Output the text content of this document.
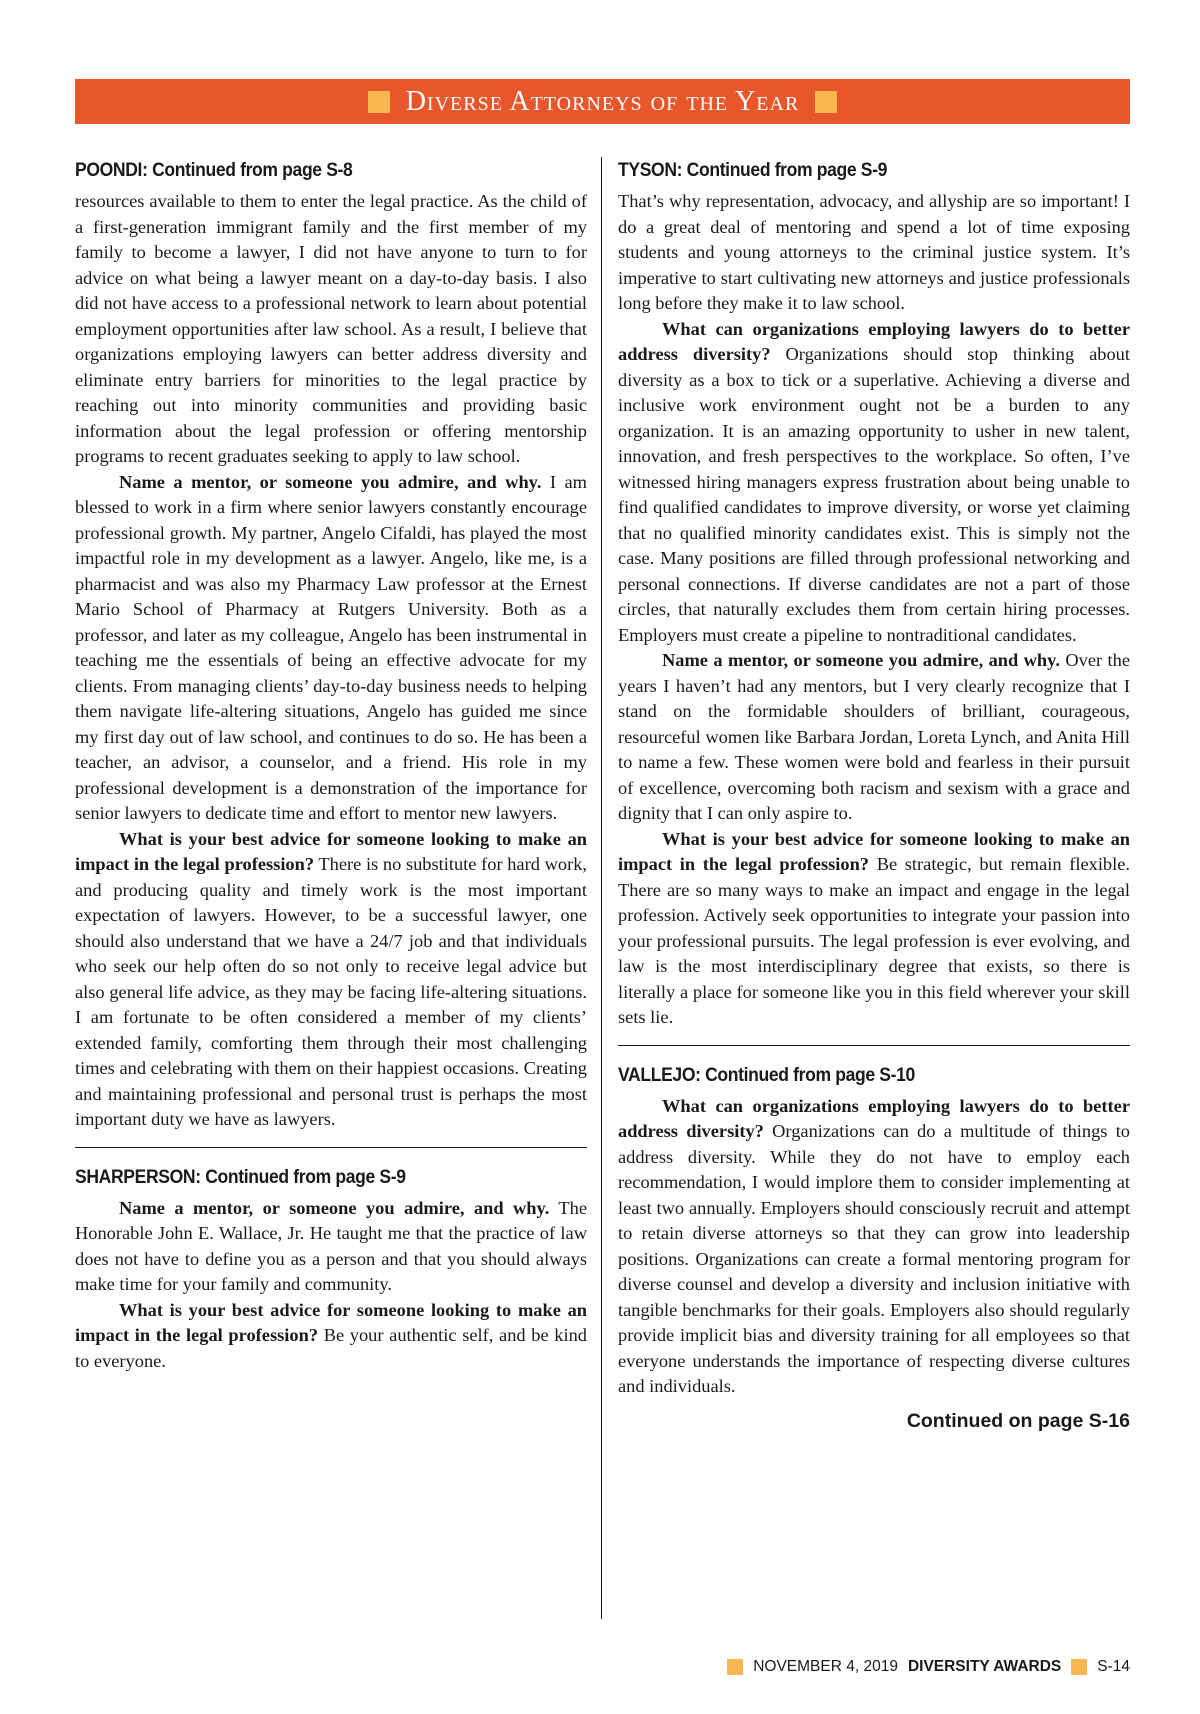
Diverse Attorneys of the Year
POONDI: Continued from page S-8

resources available to them to enter the legal practice. As the child of a first-generation immigrant family and the first member of my family to become a lawyer, I did not have anyone to turn to for advice on what being a lawyer meant on a day-to-day basis. I also did not have access to a professional network to learn about potential employment opportunities after law school. As a result, I believe that organizations employing lawyers can better address diversity and eliminate entry barriers for minorities to the legal practice by reaching out into minority communities and providing basic information about the legal profession or offering mentorship programs to recent graduates seeking to apply to law school.

Name a mentor, or someone you admire, and why. I am blessed to work in a firm where senior lawyers constantly encourage professional growth. My partner, Angelo Cifaldi, has played the most impactful role in my development as a lawyer. Angelo, like me, is a pharmacist and was also my Pharmacy Law professor at the Ernest Mario School of Pharmacy at Rutgers University. Both as a professor, and later as my colleague, Angelo has been instrumental in teaching me the essentials of being an effective advocate for my clients. From managing clients’ day-to-day business needs to helping them navigate life-altering situations, Angelo has guided me since my first day out of law school, and continues to do so. He has been a teacher, an advisor, a counselor, and a friend. His role in my professional development is a demonstration of the importance for senior lawyers to dedicate time and effort to mentor new lawyers.

What is your best advice for someone looking to make an impact in the legal profession? There is no substitute for hard work, and producing quality and timely work is the most important expectation of lawyers. However, to be a successful lawyer, one should also understand that we have a 24/7 job and that individuals who seek our help often do so not only to receive legal advice but also general life advice, as they may be facing life-altering situations. I am fortunate to be often considered a member of my clients’ extended family, comforting them through their most challenging times and celebrating with them on their happiest occasions. Creating and maintaining professional and personal trust is perhaps the most important duty we have as lawyers.

SHARPERSON: Continued from page S-9

Name a mentor, or someone you admire, and why. The Honorable John E. Wallace, Jr. He taught me that the practice of law does not have to define you as a person and that you should always make time for your family and community.

What is your best advice for someone looking to make an impact in the legal profession? Be your authentic self, and be kind to everyone.

TYSON: Continued from page S-9

That’s why representation, advocacy, and allyship are so important! I do a great deal of mentoring and spend a lot of time exposing students and young attorneys to the criminal justice system. It’s imperative to start cultivating new attorneys and justice professionals long before they make it to law school.

What can organizations employing lawyers do to better address diversity? Organizations should stop thinking about diversity as a box to tick or a superlative. Achieving a diverse and inclusive work environment ought not be a burden to any organization. It is an amazing opportunity to usher in new talent, innovation, and fresh perspectives to the workplace. So often, I’ve witnessed hiring managers express frustration about being unable to find qualified candidates to improve diversity, or worse yet claiming that no qualified minority candidates exist. This is simply not the case. Many positions are filled through professional networking and personal connections. If diverse candidates are not a part of those circles, that naturally excludes them from certain hiring processes. Employers must create a pipeline to nontraditional candidates.

Name a mentor, or someone you admire, and why. Over the years I haven’t had any mentors, but I very clearly recognize that I stand on the formidable shoulders of brilliant, courageous, resourceful women like Barbara Jordan, Loreta Lynch, and Anita Hill to name a few. These women were bold and fearless in their pursuit of excellence, overcoming both racism and sexism with a grace and dignity that I can only aspire to.

What is your best advice for someone looking to make an impact in the legal profession? Be strategic, but remain flexible. There are so many ways to make an impact and engage in the legal profession. Actively seek opportunities to integrate your passion into your professional pursuits. The legal profession is ever evolving, and law is the most interdisciplinary degree that exists, so there is literally a place for someone like you in this field wherever your skill sets lie.

VALLEJO: Continued from page S-10

What can organizations employing lawyers do to better address diversity? Organizations can do a multitude of things to address diversity. While they do not have to employ each recommendation, I would implore them to consider implementing at least two annually. Employers should consciously recruit and attempt to retain diverse attorneys so that they can grow into leadership positions. Organizations can create a formal mentoring program for diverse counsel and develop a diversity and inclusion initiative with tangible benchmarks for their goals. Employers also should regularly provide implicit bias and diversity training for all employees so that everyone understands the importance of respecting diverse cultures and individuals.

Continued on page S-16
NOVEMBER 4, 2019 DIVERSITY AWARDS S-14
